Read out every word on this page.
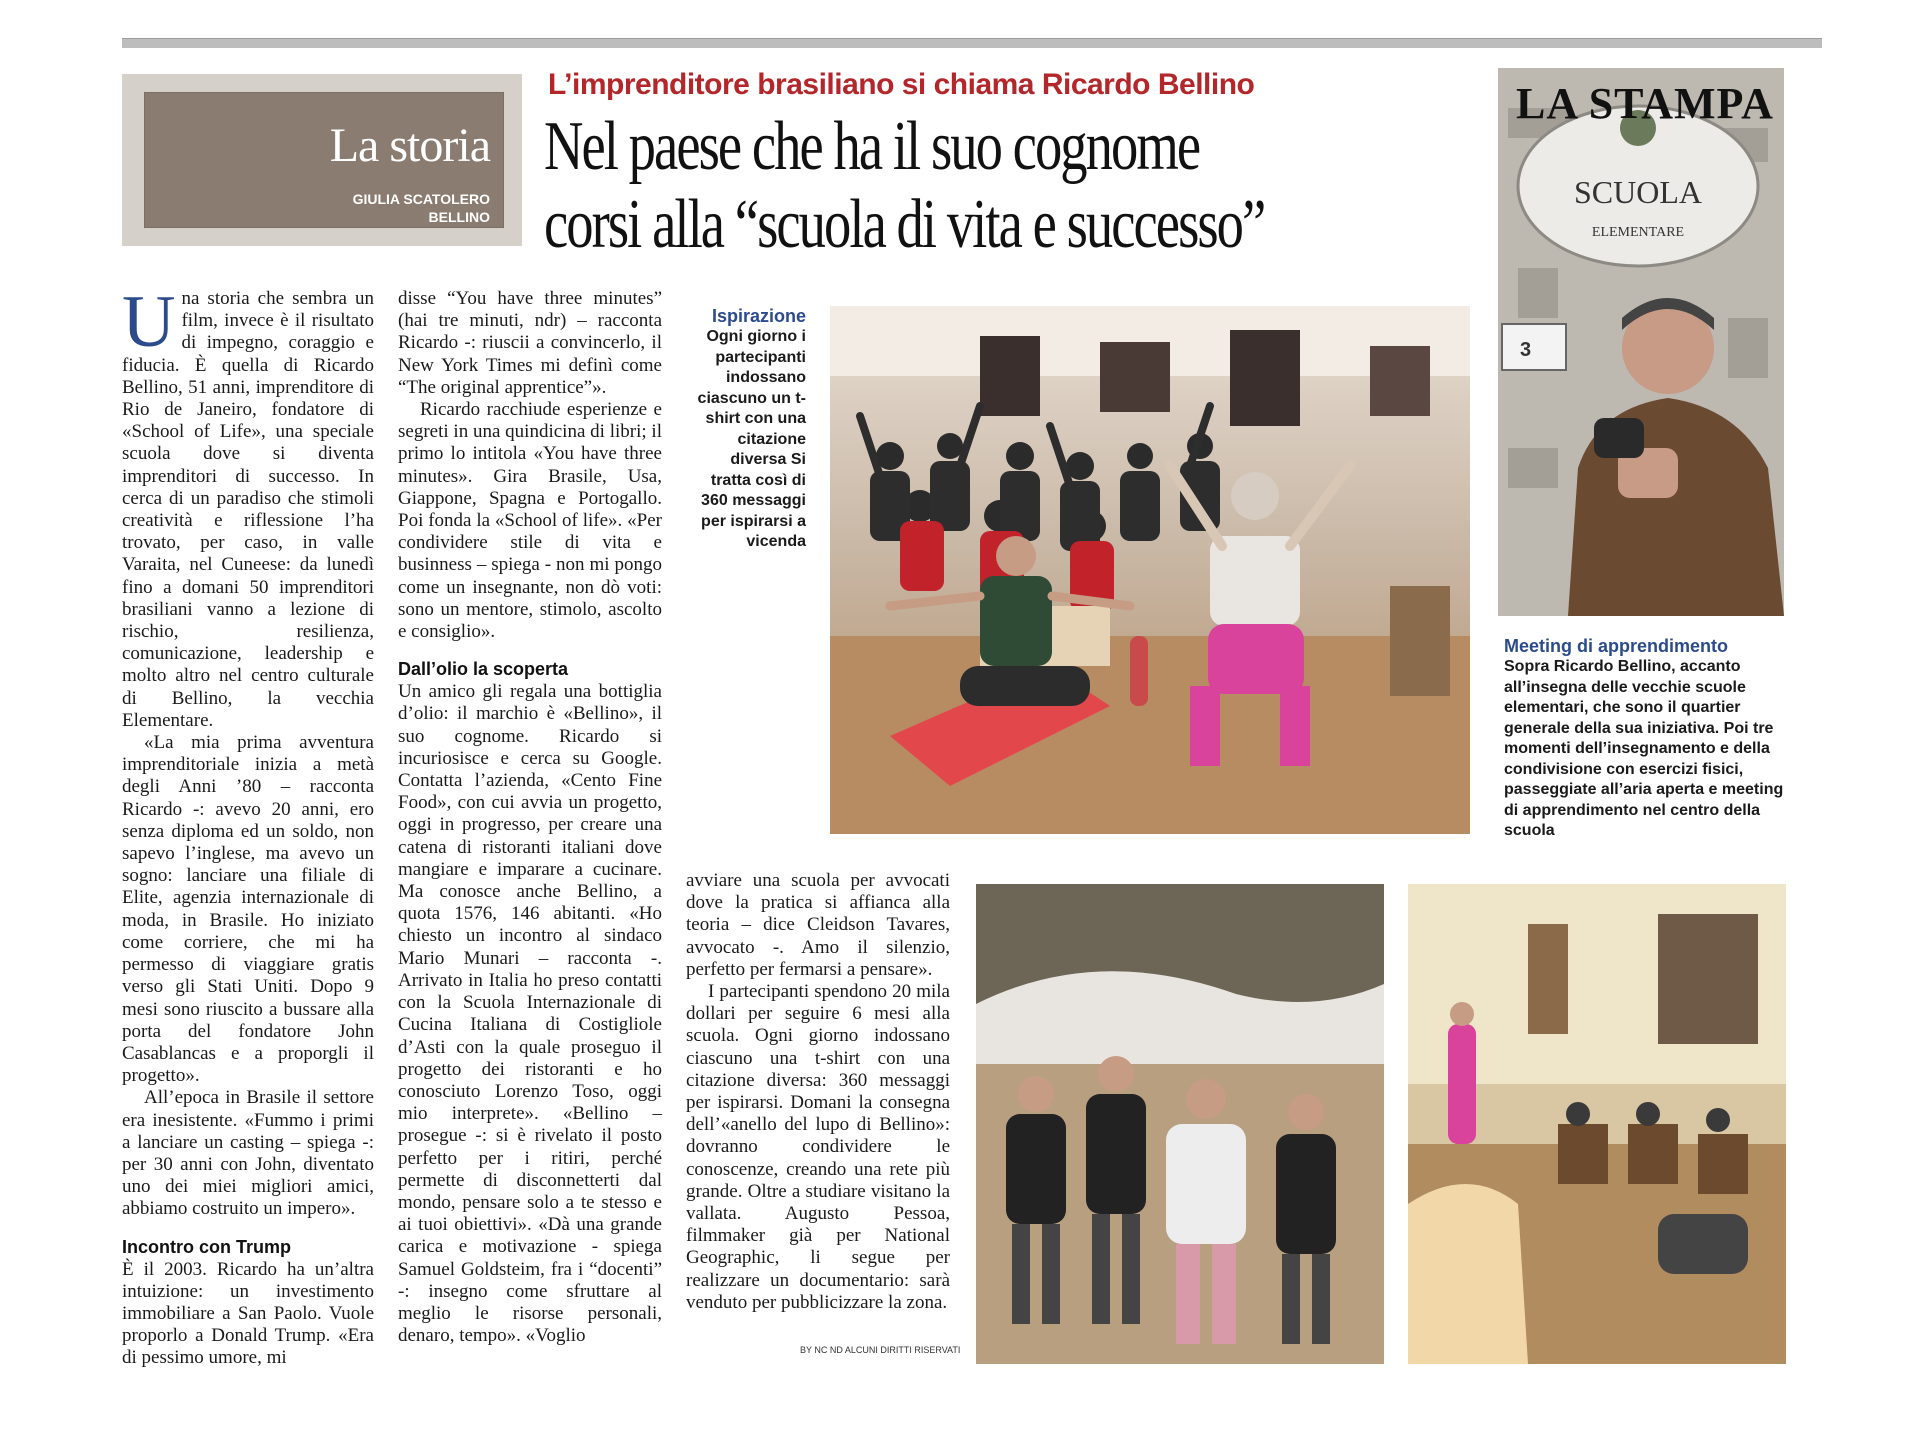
La storia
GIULIA SCATOLERO
BELLINO
L’imprenditore brasiliano si chiama Ricardo Bellino
Nel paese che ha il suo cognome
corsi alla “scuola di vita e successo”

Una storia che sembra un film, invece è il risultato di impegno, coraggio e fiducia. È quella di Ricardo Bellino, 51 anni, imprenditore di Rio de Janeiro, fondatore di «School of Life», una speciale scuola dove si diventa imprenditori di successo. In cerca di un paradiso che stimoli creatività e riflessione l’ha trovato, per caso, in valle Varaita, nel Cuneese: da lunedì fino a domani 50 imprenditori brasiliani vanno a lezione di rischio, resilienza, comunicazione, leadership e molto altro nel centro culturale di Bellino, la vecchia Elementare.

«La mia prima avventura imprenditoriale inizia a metà degli Anni ’80 – racconta Ricardo -: avevo 20 anni, ero senza diploma ed un soldo, non sapevo l’inglese, ma avevo un sogno: lanciare una filiale di Elite, agenzia internazionale di moda, in Brasile. Ho iniziato come corriere, che mi ha permesso di viaggiare gratis verso gli Stati Uniti. Dopo 9 mesi sono riuscito a bussare alla porta del fondatore John Casablancas e a proporgli il progetto».

All’epoca in Brasile il settore era inesistente. «Fummo i primi a lanciare un casting – spiega -: per 30 anni con John, diventato uno dei miei migliori amici, abbiamo costruito un impero».

Incontro con Trump

È il 2003. Ricardo ha un’altra intuizione: un investimento immobiliare a San Paolo. Vuole proporlo a Donald Trump. «Era di pessimo umore, mi

disse “You have three minutes” (hai tre minuti, ndr) – racconta Ricardo -: riuscii a convincerlo, il New York Times mi definì come “The original apprentice”».

Ricardo racchiude esperienze e segreti in una quindicina di libri; il primo lo intitola «You have three minutes». Gira Brasile, Usa, Giappone, Spagna e Portogallo. Poi fonda la «School of life». «Per condividere stile di vita e businness – spiega - non mi pongo come un insegnante, non dò voti: sono un mentore, stimolo, ascolto e consiglio».

Dall’olio la scoperta

Un amico gli regala una bottiglia d’olio: il marchio è «Bellino», il suo cognome. Ricardo si incuriosisce e cerca su Google. Contatta l’azienda, «Cento Fine Food», con cui avvia un progetto, oggi in progresso, per creare una catena di ristoranti italiani dove mangiare e imparare a cucinare. Ma conosce anche Bellino, a quota 1576, 146 abitanti. «Ho chiesto un incontro al sindaco Mario Munari – racconta -. Arrivato in Italia ho preso contatti con la Scuola Internazionale di Cucina Italiana di Costigliole d’Asti con la quale proseguo il progetto dei ristoranti e ho conosciuto Lorenzo Toso, oggi mio interprete». «Bellino – prosegue -: si è rivelato il posto perfetto per i ritiri, perché permette di disconnetterti dal mondo, pensare solo a te stesso e ai tuoi obiettivi». «Dà una grande carica e motivazione - spiega Samuel Goldsteim, fra i “docenti” -: insegno come sfruttare al meglio le risorse personali, denaro, tempo». «Voglio

avviare una scuola per avvocati dove la pratica si affianca alla teoria – dice Cleidson Tavares, avvocato -. Amo il silenzio, perfetto per fermarsi a pensare».

I partecipanti spendono 20 mila dollari per seguire 6 mesi alla scuola. Ogni giorno indossano ciascuno una t-shirt con una citazione diversa: 360 messaggi per ispirarsi. Domani la consegna dell’«anello del lupo di Bellino»: dovranno condividere le conoscenze, creando una rete più grande. Oltre a studiare visitano la vallata. Augusto Pessoa, filmmaker già per National Geographic, li segue per realizzare un documentario: sarà venduto per pubblicizzare la zona.

Ispirazione
Ogni giorno i partecipanti indossano ciascuno un t-shirt con una citazione diversa Si tratta così di 360 messaggi per ispirarsi a vicenda
SCUOLA
ELEMENTARE
3
LA STAMPA
Meeting di apprendimento
Sopra Ricardo Bellino, accanto all’insegna delle vecchie scuole elementari, che sono il quartier generale della sua iniziativa. Poi tre momenti dell’insegnamento e della condivisione con esercizi fisici, passeggiate all’aria aperta e meeting di apprendimento nel centro della scuola
BY NC ND ALCUNI DIRITTI RISERVATI
